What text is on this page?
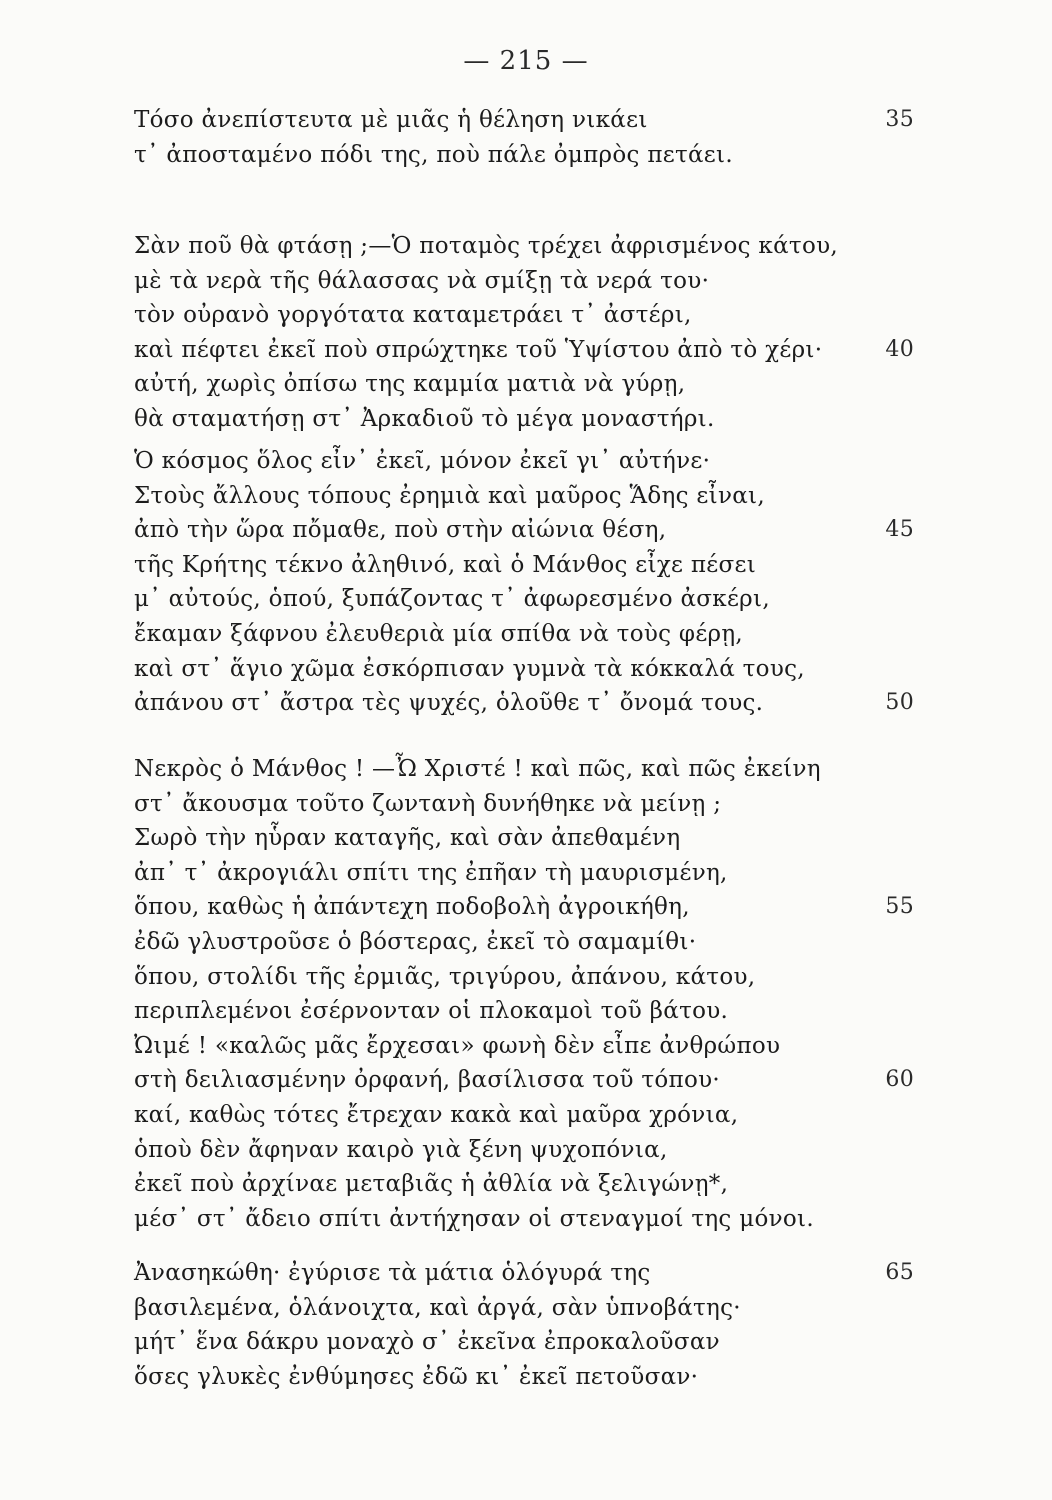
— 215 —
Τόσο ἀνεπίστευτα μὲ μιᾶς ἡ θέληση νικάει	35
τ᾿ ἀποσταμένο πόδι της, ποὺ πάλε ὀμπρὸς πετάει.
Σὰν ποῦ θὰ φτάσῃ ;—Ὁ ποταμὸς τρέχει ἀφρισμένος κάτου,
μὲ τὰ νερὰ τῆς θάλασσας νὰ σμίξῃ τὰ νερά του·
τὸν οὐρανὸ γοργότατα καταμετράει τ᾿ ἀστέρι,
καὶ πέφτει ἐκεῖ ποὺ σπρώχτηκε τοῦ Ὑψίστου ἀπὸ τὸ χέρι·	40
αὐτή, χωρὶς ὀπίσω της καμμία ματιὰ νὰ γύρῃ,
θὰ σταματήσῃ στ᾿ Ἀρκαδιοῦ τὸ μέγα μοναστήρι.
Ὁ κόσμος ὅλος εἶν᾿ ἐκεῖ, μόνον ἐκεῖ γι᾿ αὐτήνε·
Στοὺς ἄλλους τόπους ἐρημιὰ καὶ μαῦρος Ἅδης εἶναι,
ἀπὸ τὴν ὥρα πὄμαθε, ποὺ στὴν αἰώνια θέση,	45
τῆς Κρήτης τέκνο ἀληθινό, καὶ ὁ Μάνθος εἶχε πέσει
μ᾿ αὐτούς, ὁπού, ξυπάζοντας τ᾿ ἀφωρεσμένο ἀσκέρι,
ἔκαμαν ξάφνου ἐλευθεριὰ μία σπίθα νὰ τοὺς φέρῃ,
καὶ στ᾿ ἅγιο χῶμα ἐσκόρπισαν γυμνὰ τὰ κόκκαλά τους,
ἀπάνου στ᾿ ἄστρα τὲς ψυχές, ὁλοῦθε τ᾿ ὄνομά τους.	50
Νεκρὸς ὁ Μάνθος ! —Ὦ Χριστέ ! καὶ πῶς, καὶ πῶς ἐκείνη
στ᾿ ἄκουσμα τοῦτο ζωντανὴ δυνήθηκε νὰ μείνῃ ;
Σωρὸ τὴν ηὗραν καταγῆς, καὶ σὰν ἀπεθαμένη
ἀπ᾿ τ᾿ ἀκρογιάλι σπίτι της ἐπῆαν τὴ μαυρισμένη,
ὅπου, καθὼς ἡ ἀπάντεχη ποδοβολὴ ἀγροικήθη,	55
ἐδῶ γλυστροῦσε ὁ βόστερας, ἐκεῖ τὸ σαμαμίθι·
ὅπου, στολίδι τῆς ἐρμιᾶς, τριγύρου, ἀπάνου, κάτου,
περιπλεμένοι ἐσέρνονταν οἱ πλοκαμοὶ τοῦ βάτου.
Ὠιμέ ! «καλῶς μᾶς ἔρχεσαι» φωνὴ δὲν εἶπε ἀνθρώπου
στὴ δειλιασμένην ὀρφανή, βασίλισσα τοῦ τόπου·	60
καί, καθὼς τότες ἔτρεχαν κακὰ καὶ μαῦρα χρόνια,
ὁποὺ δὲν ἄφηναν καιρὸ γιὰ ξένη ψυχοπόνια,
ἐκεῖ ποὺ ἀρχίναε μεταβιᾶς ἡ ἀθλία νὰ ξελιγώνῃ*,
μέσ᾿ στ᾿ ἄδειο σπίτι ἀντήχησαν οἱ στεναγμοί της μόνοι.
Ἀνασηκώθη· ἐγύρισε τὰ μάτια ὁλόγυρά της	65
βασιλεμένα, ὁλάνοιχτα, καὶ ἀργά, σὰν ὑπνοβάτης·
μήτ᾿ ἕνα δάκρυ μοναχὸ σ᾿ ἐκεῖνα ἐπροκαλοῦσαν
ὅσες γλυκὲς ἐνθύμησες ἐδῶ κι᾿ ἐκεῖ πετοῦσαν·
